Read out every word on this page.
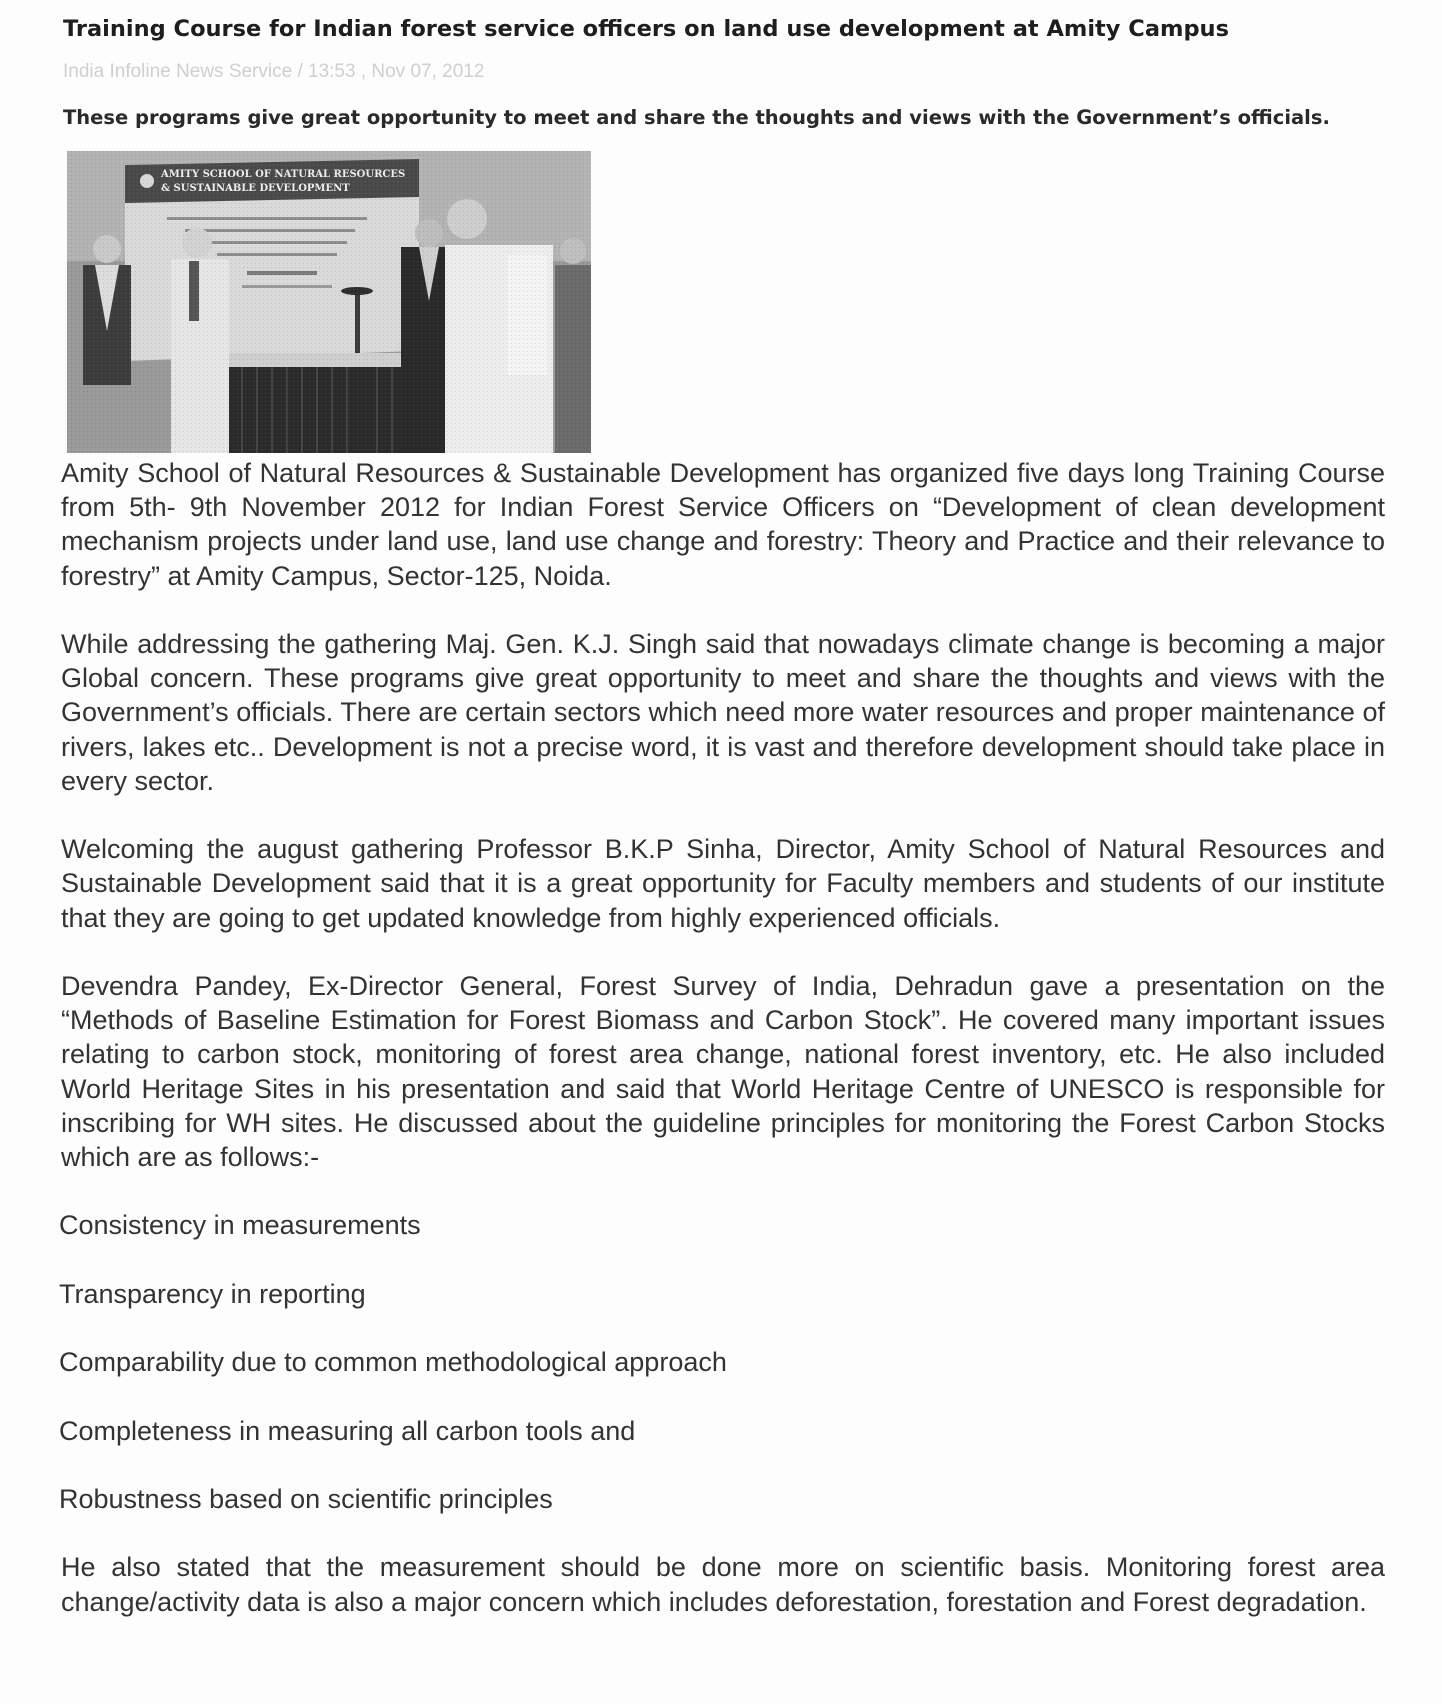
Training Course for Indian forest service officers on land use development at Amity Campus
India Infoline News Service / 13:53 , Nov 07, 2012
These programs give great opportunity to meet and share the thoughts and views with the Government’s officials.

Amity School of Natural Resources & Sustainable Development has organized five days long Training Course from 5th- 9th November 2012 for Indian Forest Service Officers on “Development of clean development mechanism projects under land use, land use change and forestry: Theory and Practice and their relevance to forestry” at Amity Campus, Sector-125, Noida.

While addressing the gathering Maj. Gen. K.J. Singh said that nowadays climate change is becoming a major Global concern. These programs give great opportunity to meet and share the thoughts and views with the Government’s officials. There are certain sectors which need more water resources and proper maintenance of rivers, lakes etc.. Development is not a precise word, it is vast and therefore development should take place in every sector.

Welcoming the august gathering Professor B.K.P Sinha, Director, Amity School of Natural Resources and Sustainable Development said that it is a great opportunity for Faculty members and students of our institute that they are going to get updated knowledge from highly experienced officials.

Devendra Pandey, Ex-Director General, Forest Survey of India, Dehradun gave a presentation on the “Methods of Baseline Estimation for Forest Biomass and Carbon Stock”. He covered many important issues relating to carbon stock, monitoring of forest area change, national forest inventory, etc. He also included World Heritage Sites in his presentation and said that World Heritage Centre of UNESCO is responsible for inscribing for WH sites. He discussed about the guideline principles for monitoring the Forest Carbon Stocks which are as follows:-

Consistency in measurements

Transparency in reporting

Comparability due to common methodological approach

Completeness in measuring all carbon tools and

Robustness based on scientific principles

He also stated that the measurement should be done more on scientific basis. Monitoring forest area change/activity data is also a major concern which includes deforestation, forestation and Forest degradation.
